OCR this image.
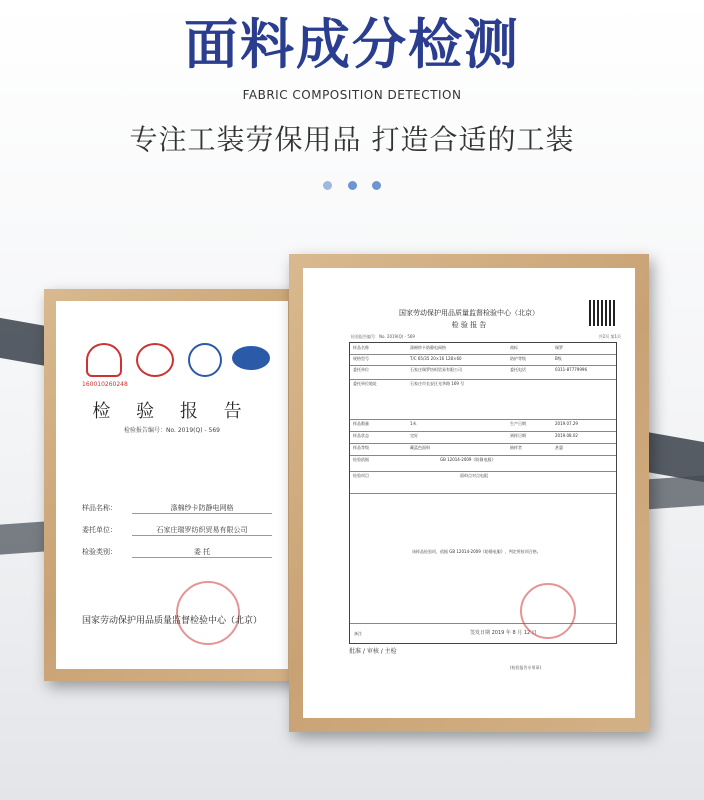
面料成分检测
FABRIC COMPOSITION DETECTION
专注工装劳保用品 打造合适的工装

160010260248
检 验 报 告
检验报告编号：No. 2019(Q) - 569
样品名称：	涤棉纱卡防静电网格
委托单位：	石家庄瑞罗纺织贸易有限公司
检验类别：	委 托
国家劳动保护用品质量监督检验中心（北京）
国家劳动保护用品质量监督检验中心（北京）
检 验 报 告
检验报告编号：No. 2019(Q) - 569	共2页 第1页
样品名称	涤棉纱卡防静电网格	商标	瑞罗
规格型号	T/C 65/35 20×16 128×60	防护等级	B级
委托单位	石家庄瑞罗纺织贸易有限公司	委托电话	0311-87779996
委托单位地址	石家庄市长安区光华路 169 号
样品数量	1米	生产日期	2019.07.29
样品状态	完好	到样日期	2019.08.02
样品等级	藏蓝色面料	抽样者	甚惠
检验依据	GB 12014-2009《防静电服》
检验项目	面料点对点电阻
该样品检验项，依据 GB 12014-2009《防静电服》，判定所检项合格。
(检验报告专用章)
签发日期 2019 年 8 月 12 日
备注
批准 / 审核 / 主检
